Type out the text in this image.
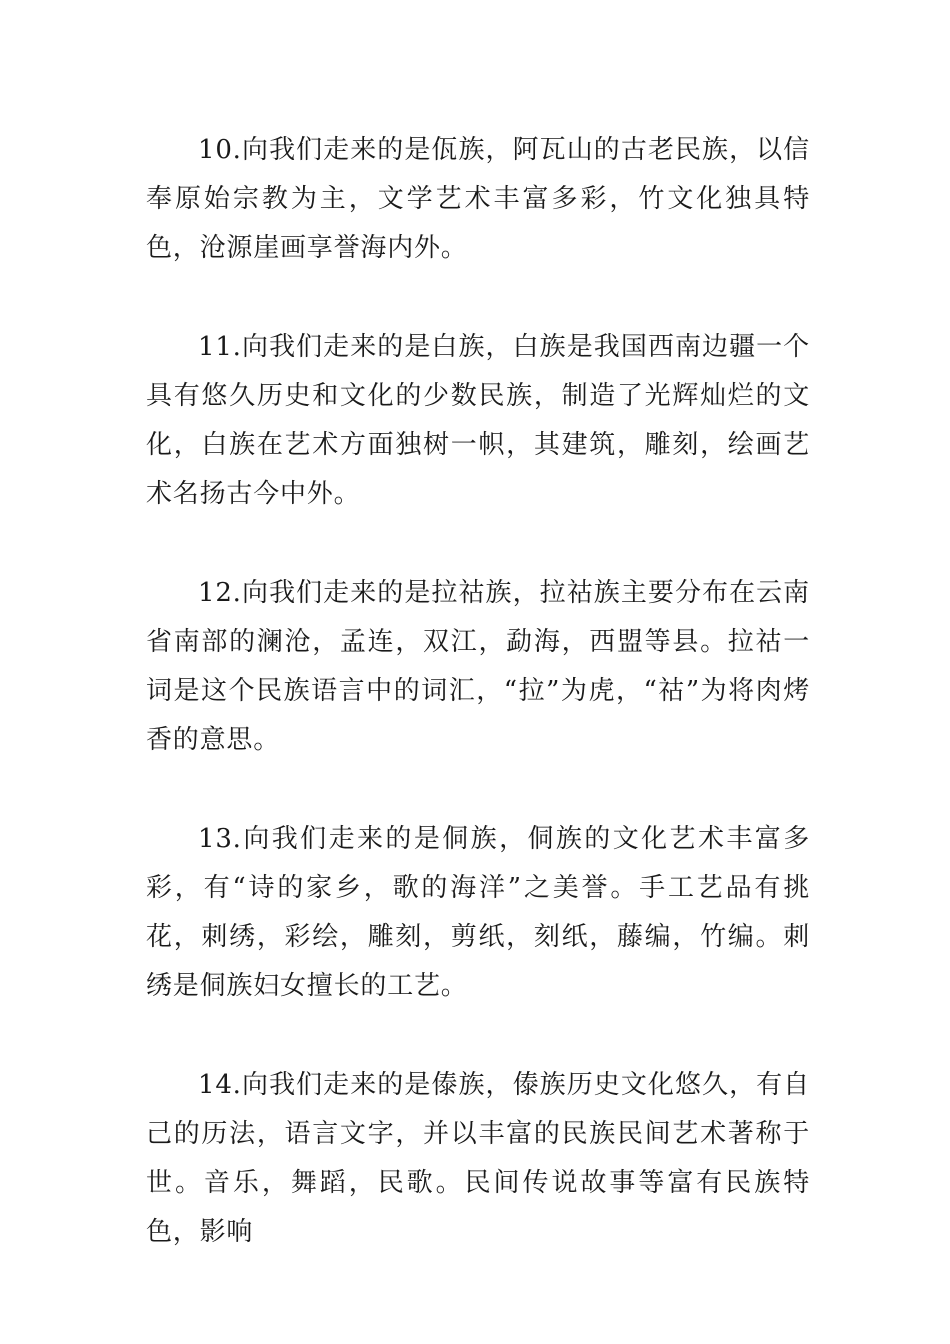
10.向我们走来的是佤族，阿瓦山的古老民族，以信奉原始宗教为主，文学艺术丰富多彩，竹文化独具特色，沧源崖画享誉海内外。

11.向我们走来的是白族，白族是我国西南边疆一个具有悠久历史和文化的少数民族，制造了光辉灿烂的文化，白族在艺术方面独树一帜，其建筑，雕刻，绘画艺术名扬古今中外。

12.向我们走来的是拉祜族，拉祜族主要分布在云南省南部的澜沧，孟连，双江，勐海，西盟等县。拉祜一词是这个民族语言中的词汇，“拉”为虎，“祜”为将肉烤香的意思。

13.向我们走来的是侗族，侗族的文化艺术丰富多彩，有“诗的家乡，歌的海洋”之美誉。手工艺品有挑花，刺绣，彩绘，雕刻，剪纸，刻纸，藤编，竹编。刺绣是侗族妇女擅长的工艺。

14.向我们走来的是傣族，傣族历史文化悠久，有自己的历法，语言文字，并以丰富的民族民间艺术著称于世。音乐，舞蹈，民歌。民间传说故事等富有民族特色，影响
